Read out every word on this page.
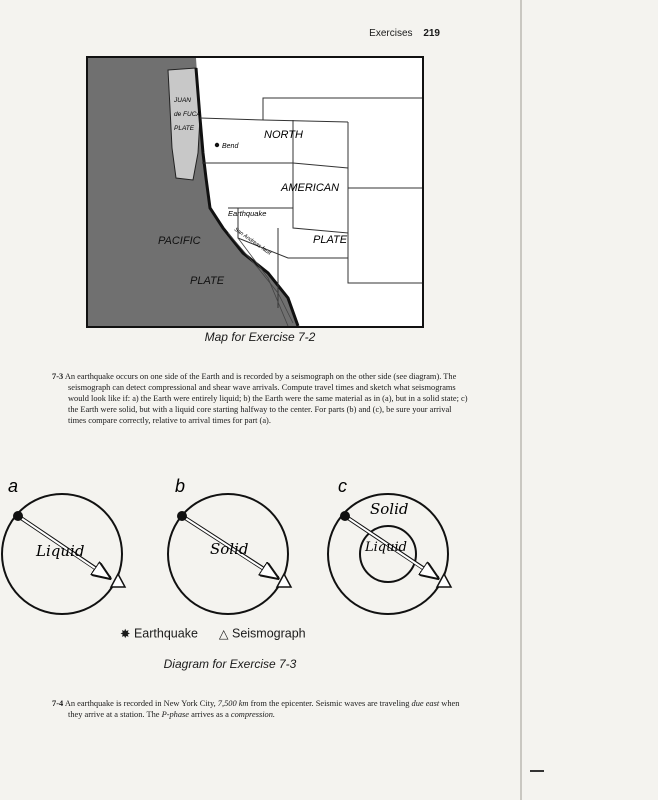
Exercises 219
JUAN
de FUCA
PLATE
Bend
NORTH
AMERICAN
PLATE
Earthquake
San Andreas fault
PACIFIC
PLATE
Map for Exercise 7-2
7-3 An earthquake occurs on one side of the Earth and is recorded by a seismograph on the other side (see diagram). The seismograph can detect compressional and shear wave arrivals. Compute travel times and sketch what seismograms would look like if: a) the Earth were entirely liquid; b) the Earth were the same material as in (a), but in a solid state; c) the Earth were solid, but with a liquid core starting halfway to the center. For parts (b) and (c), be sure your arrival times compare correctly, relative to arrival times for part (a).
a
Liquid
b
Solid
c
Solid
Liquid
✸ Earthquake △ Seismograph
Diagram for Exercise 7-3
7-4 An earthquake is recorded in New York City, 7,500 km from the epicenter. Seismic waves are traveling due east when they arrive at a station. The P-phase arrives as a compression.
